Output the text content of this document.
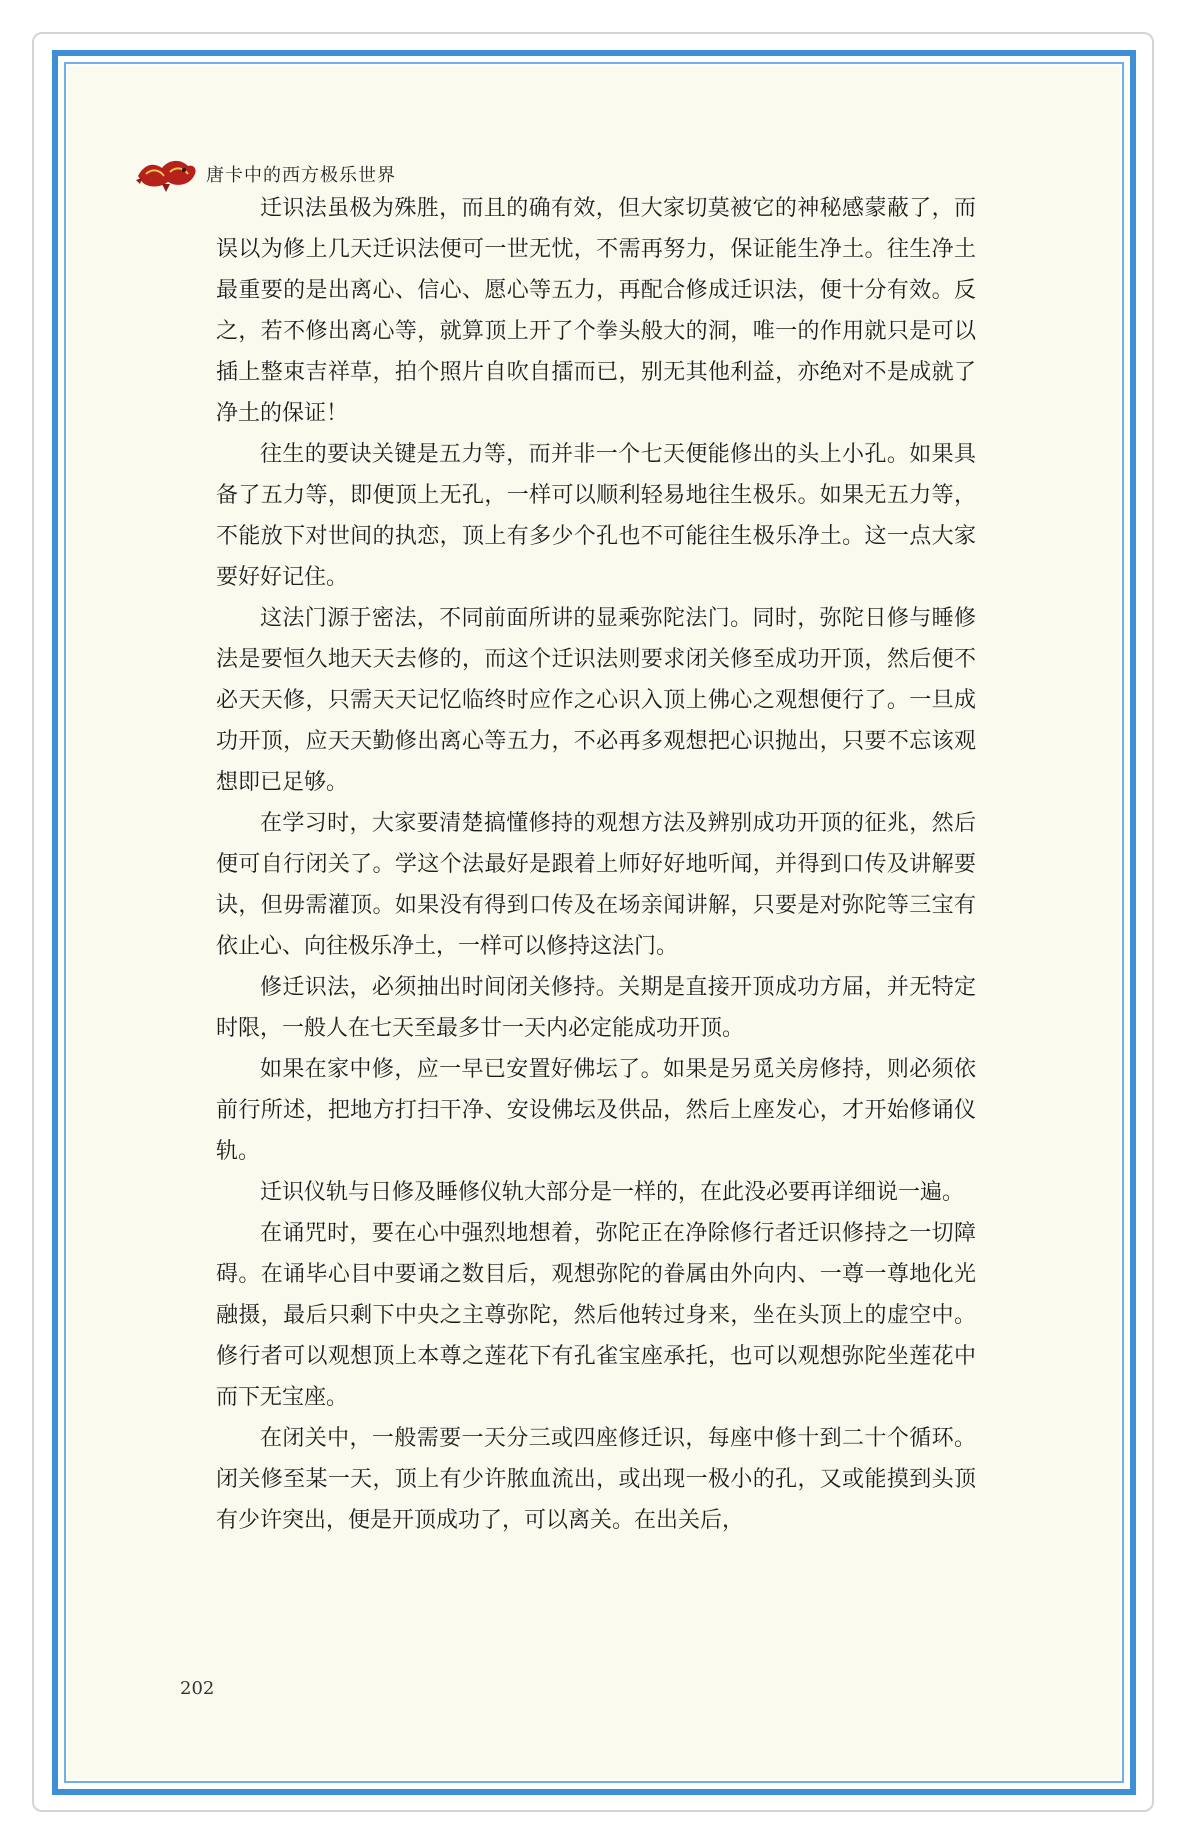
唐卡中的西方极乐世界

迁识法虽极为殊胜，而且的确有效，但大家切莫被它的神秘感蒙蔽了，而误以为修上几天迁识法便可一世无忧，不需再努力，保证能生净土。往生净土最重要的是出离心、信心、愿心等五力，再配合修成迁识法，便十分有效。反之，若不修出离心等，就算顶上开了个拳头般大的洞，唯一的作用就只是可以插上整束吉祥草，拍个照片自吹自擂而已，别无其他利益，亦绝对不是成就了净土的保证！

往生的要诀关键是五力等，而并非一个七天便能修出的头上小孔。如果具备了五力等，即便顶上无孔，一样可以顺利轻易地往生极乐。如果无五力等，不能放下对世间的执恋，顶上有多少个孔也不可能往生极乐净土。这一点大家要好好记住。

这法门源于密法，不同前面所讲的显乘弥陀法门。同时，弥陀日修与睡修法是要恒久地天天去修的，而这个迁识法则要求闭关修至成功开顶，然后便不必天天修，只需天天记忆临终时应作之心识入顶上佛心之观想便行了。一旦成功开顶，应天天勤修出离心等五力，不必再多观想把心识抛出，只要不忘该观想即已足够。

在学习时，大家要清楚搞懂修持的观想方法及辨别成功开顶的征兆，然后便可自行闭关了。学这个法最好是跟着上师好好地听闻，并得到口传及讲解要诀，但毋需灌顶。如果没有得到口传及在场亲闻讲解，只要是对弥陀等三宝有依止心、向往极乐净土，一样可以修持这法门。

修迁识法，必须抽出时间闭关修持。关期是直接开顶成功方届，并无特定时限，一般人在七天至最多廿一天内必定能成功开顶。

如果在家中修，应一早已安置好佛坛了。如果是另觅关房修持，则必须依前行所述，把地方打扫干净、安设佛坛及供品，然后上座发心，才开始修诵仪轨。

迁识仪轨与日修及睡修仪轨大部分是一样的，在此没必要再详细说一遍。

在诵咒时，要在心中强烈地想着，弥陀正在净除修行者迁识修持之一切障碍。在诵毕心目中要诵之数目后，观想弥陀的眷属由外向内、一尊一尊地化光融摄，最后只剩下中央之主尊弥陀，然后他转过身来，坐在头顶上的虚空中。修行者可以观想顶上本尊之莲花下有孔雀宝座承托，也可以观想弥陀坐莲花中而下无宝座。

在闭关中，一般需要一天分三或四座修迁识，每座中修十到二十个循环。闭关修至某一天，顶上有少许脓血流出，或出现一极小的孔，又或能摸到头顶有少许突出，便是开顶成功了，可以离关。在出关后，

202
